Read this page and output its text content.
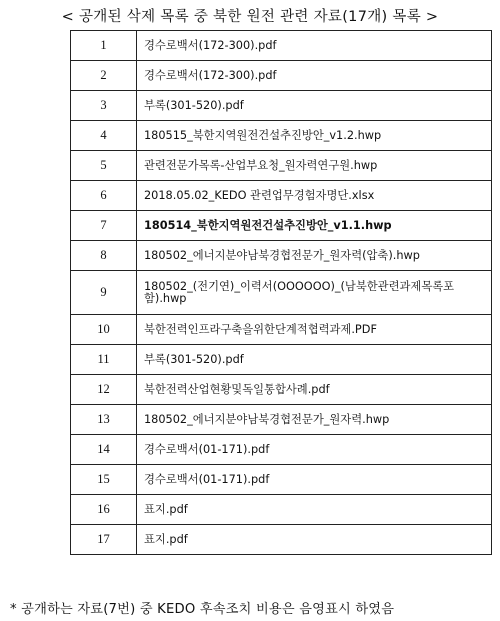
< 공개된 삭제 목록 중 북한 원전 관련 자료(17개) 목록 >
1	경수로백서(172-300).pdf
2	경수로백서(172-300).pdf
3	부록(301-520).pdf
4	180515_북한지역원전건설추진방안_v1.2.hwp
5	관련전문가목록-산업부요청_원자력연구원.hwp
6	2018.05.02_KEDO 관련업무경험자명단.xlsx
7	180514_북한지역원전건설추진방안_v1.1.hwp
8	180502_에너지분야남북경협전문가_원자력(압축).hwp
9	180502_(전기연)_이력서(OOOOOO)_(남북한관련과제목록포함).hwp
10	북한전력인프라구축을위한단계적협력과제.PDF
11	부록(301-520).pdf
12	북한전력산업현황및독일통합사례.pdf
13	180502_에너지분야남북경협전문가_원자력.hwp
14	경수로백서(01-171).pdf
15	경수로백서(01-171).pdf
16	표지.pdf
17	표지.pdf
* 공개하는 자료(7번) 중 KEDO 후속조치 비용은 음영표시 하였음
